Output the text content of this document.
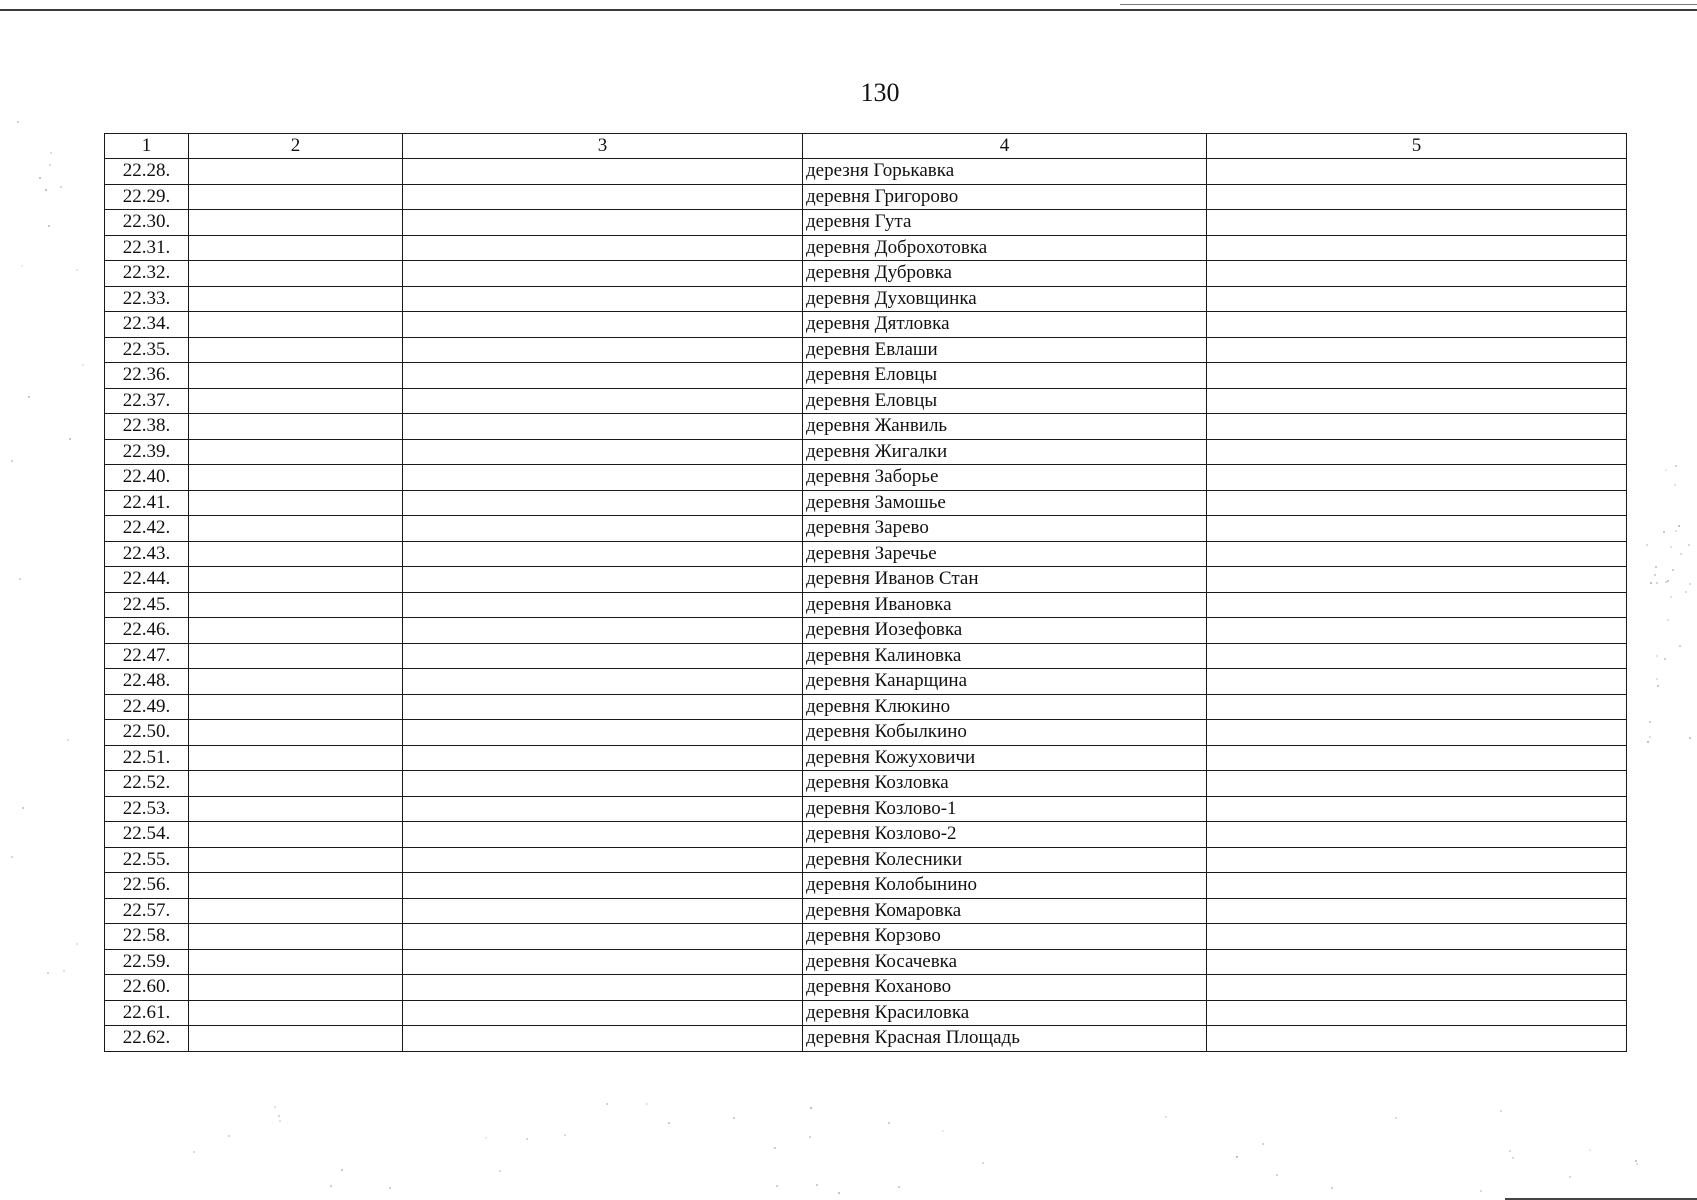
130
1	2	3	4	5
22.28.			дерезня Горькавка	
22.29.			деревня Григорово	
22.30.			деревня Гута	
22.31.			деревня Доброхотовка	
22.32.			деревня Дубровка	
22.33.			деревня Духовщинка	
22.34.			деревня Дятловка	
22.35.			деревня Евлаши	
22.36.			деревня Еловцы	
22.37.			деревня Еловцы	
22.38.			деревня Жанвиль	
22.39.			деревня Жигалки	
22.40.			деревня Заборье	
22.41.			деревня Замошье	
22.42.			деревня Зарево	
22.43.			деревня Заречье	
22.44.			деревня Иванов Стан	
22.45.			деревня Ивановка	
22.46.			деревня Иозефовка	
22.47.			деревня Калиновка	
22.48.			деревня Канарщина	
22.49.			деревня Клюкино	
22.50.			деревня Кобылкино	
22.51.			деревня Кожуховичи	
22.52.			деревня Козловка	
22.53.			деревня Козлово-1	
22.54.			деревня Козлово-2	
22.55.			деревня Колесники	
22.56.			деревня Колобынино	
22.57.			деревня Комаровка	
22.58.			деревня Корзово	
22.59.			деревня Косачевка	
22.60.			деревня Коханово	
22.61.			деревня Красиловка	
22.62.			деревня Красная Площадь	
